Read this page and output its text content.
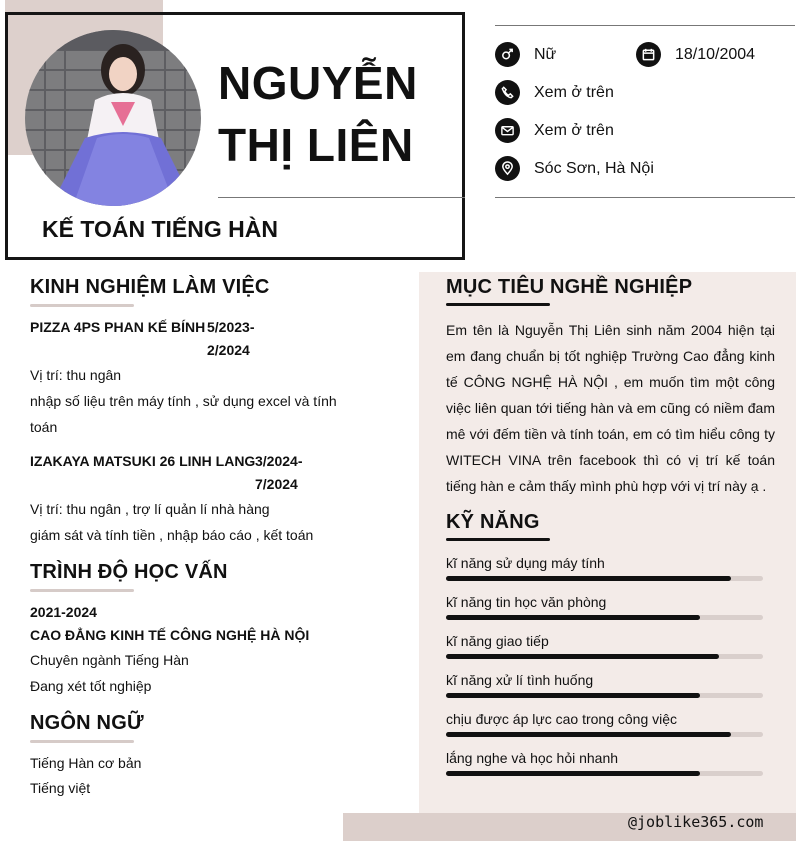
NGUYỄN
THỊ LIÊN
KẾ TOÁN TIẾNG HÀN
Nữ	18/10/2004
Xem ở trên
Xem ở trên
Sóc Sơn, Hà Nội
@joblike365.com
KINH NGHIỆM LÀM VIỆC
PIZZA 4PS PHAN KẾ BÍNH 5/2023-
2/2024
Vị trí: thu ngân
nhập số liệu trên máy tính , sử dụng excel và tính
toán
IZAKAYA MATSUKI 26 LINH LANG 3/2024-
7/2024
Vị trí: thu ngân , trợ lí quản lí nhà hàng
giám sát và tính tiền , nhập báo cáo , kết toán
TRÌNH ĐỘ HỌC VẤN
2021-2024
CAO ĐẲNG KINH TẾ CÔNG NGHỆ HÀ NỘI
Chuyên ngành Tiếng Hàn
Đang xét tốt nghiệp
NGÔN NGỮ
Tiếng Hàn cơ bản
Tiếng việt
MỤC TIÊU NGHỀ NGHIỆP
Em tên là Nguyễn Thị Liên sinh năm 2004 hiện tại em đang chuẩn bị tốt nghiệp Trường Cao đẳng kinh tế CÔNG NGHỆ HÀ NỘI , em muốn tìm một công việc liên quan tới tiếng hàn và em cũng có niềm đam mê với đếm tiền và tính toán, em có tìm hiểu công ty WITECH VINA trên facebook thì có vị trí kế toán tiếng hàn e cảm thấy mình phù hợp với vị trí này ạ .
KỸ NĂNG
kĩ năng sử dụng máy tính
kĩ năng tin học văn phòng
kĩ năng giao tiếp
kĩ năng xử lí tình huống
chịu được áp lực cao trong công việc
lắng nghe và học hỏi nhanh
